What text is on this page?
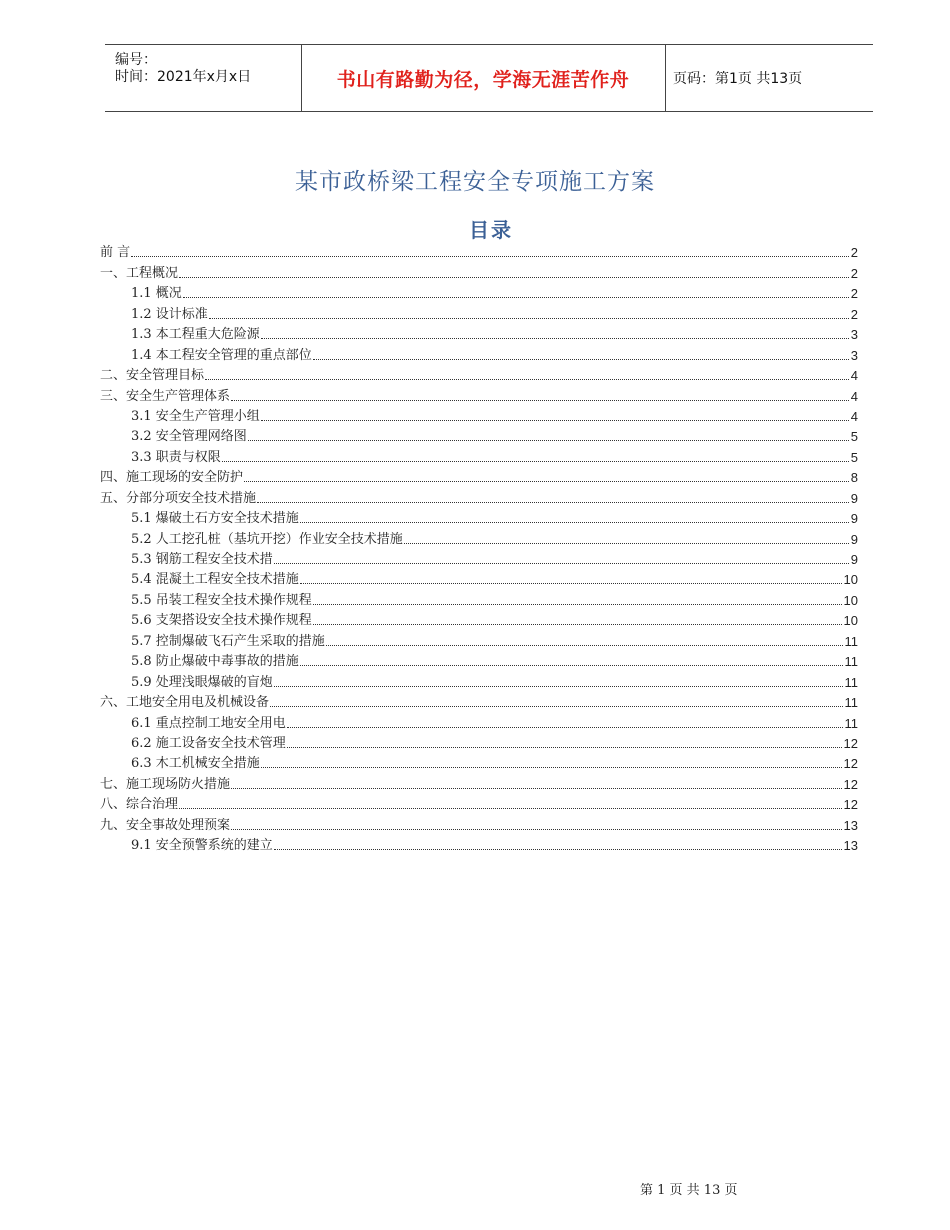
编号：
时间：2021年x月x日	书山有路勤为径，学海无涯苦作舟	页码：第1页 共13页
某市政桥梁工程安全专项施工方案
目录
前 言	2
一、工程概况	2
1.1 概况	2
1.2 设计标准	2
1.3 本工程重大危险源	3
1.4 本工程安全管理的重点部位	3
二、安全管理目标	4
三、安全生产管理体系	4
3.1 安全生产管理小组	4
3.2 安全管理网络图	5
3.3 职责与权限	5
四、施工现场的安全防护	8
五、分部分项安全技术措施	9
5.1 爆破土石方安全技术措施	9
5.2 人工挖孔桩（基坑开挖）作业安全技术措施	9
5.3 钢筋工程安全技术措	9
5.4 混凝土工程安全技术措施	10
5.5 吊装工程安全技术操作规程	10
5.6 支架搭设安全技术操作规程	10
5.7 控制爆破飞石产生采取的措施	11
5.8 防止爆破中毒事故的措施	11
5.9 处理浅眼爆破的盲炮	11
六、工地安全用电及机械设备	11
6.1 重点控制工地安全用电	11
6.2 施工设备安全技术管理	12
6.3 木工机械安全措施	12
七、施工现场防火措施	12
八、综合治理	12
九、安全事故处理预案	13
9.1 安全预警系统的建立	13
第 1 页 共 13 页
